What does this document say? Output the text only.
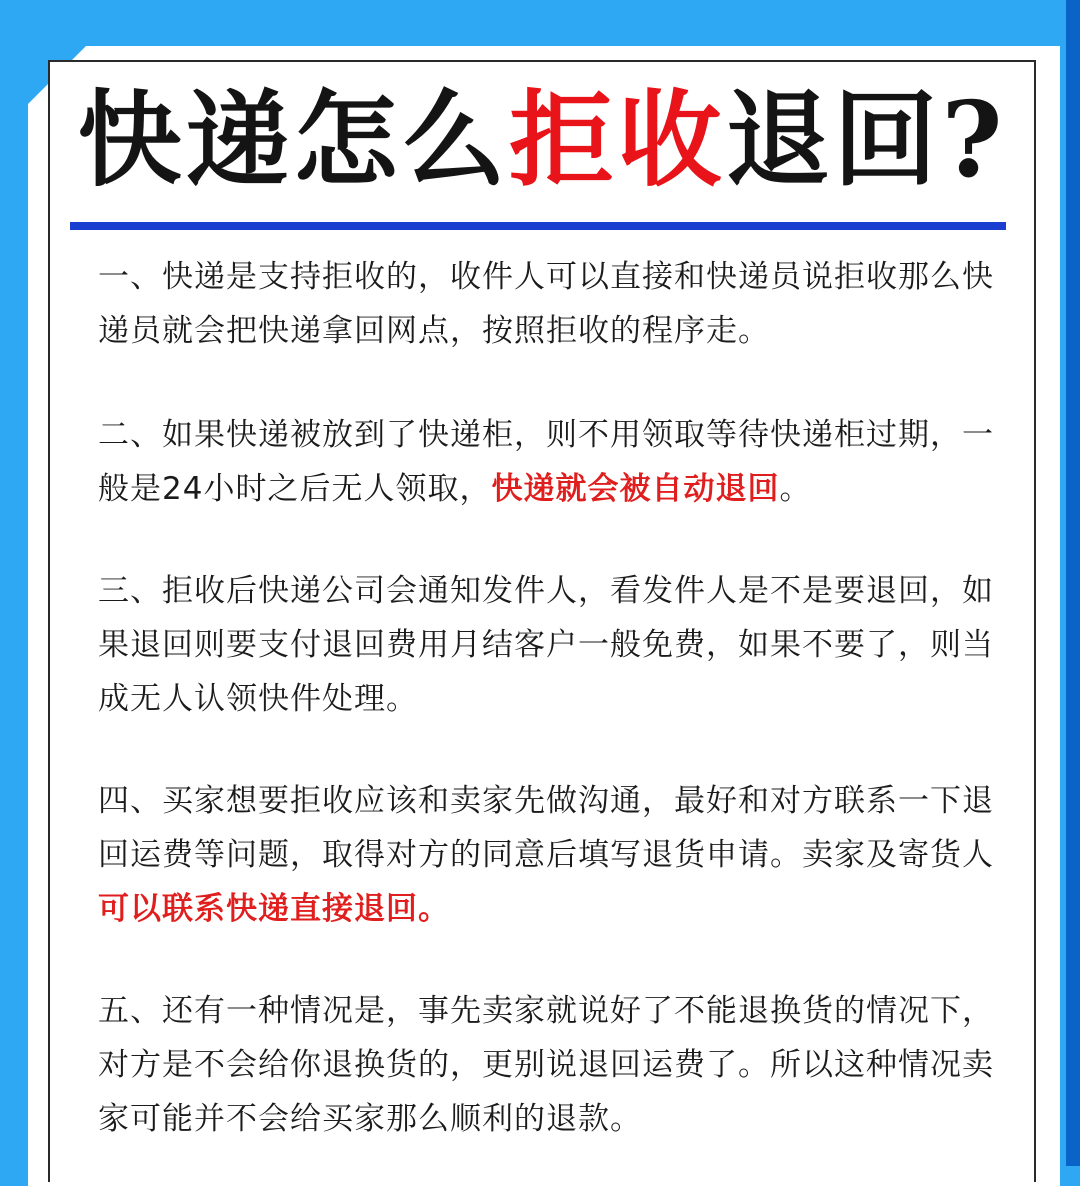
快递怎么拒收退回?

一、快递是支持拒收的，收件人可以直接和快递员说拒收那么快递员就会把快递拿回网点，按照拒收的程序走。

二、如果快递被放到了快递柜，则不用领取等待快递柜过期，一般是24小时之后无人领取，快递就会被自动退回。

三、拒收后快递公司会通知发件人，看发件人是不是要退回，如果退回则要支付退回费用月结客户一般免费，如果不要了，则当成无人认领快件处理。

四、买家想要拒收应该和卖家先做沟通，最好和对方联系一下退回运费等问题，取得对方的同意后填写退货申请。卖家及寄货人可以联系快递直接退回。

五、还有一种情况是，事先卖家就说好了不能退换货的情况下，对方是不会给你退换货的，更别说退回运费了。所以这种情况卖家可能并不会给买家那么顺利的退款。
